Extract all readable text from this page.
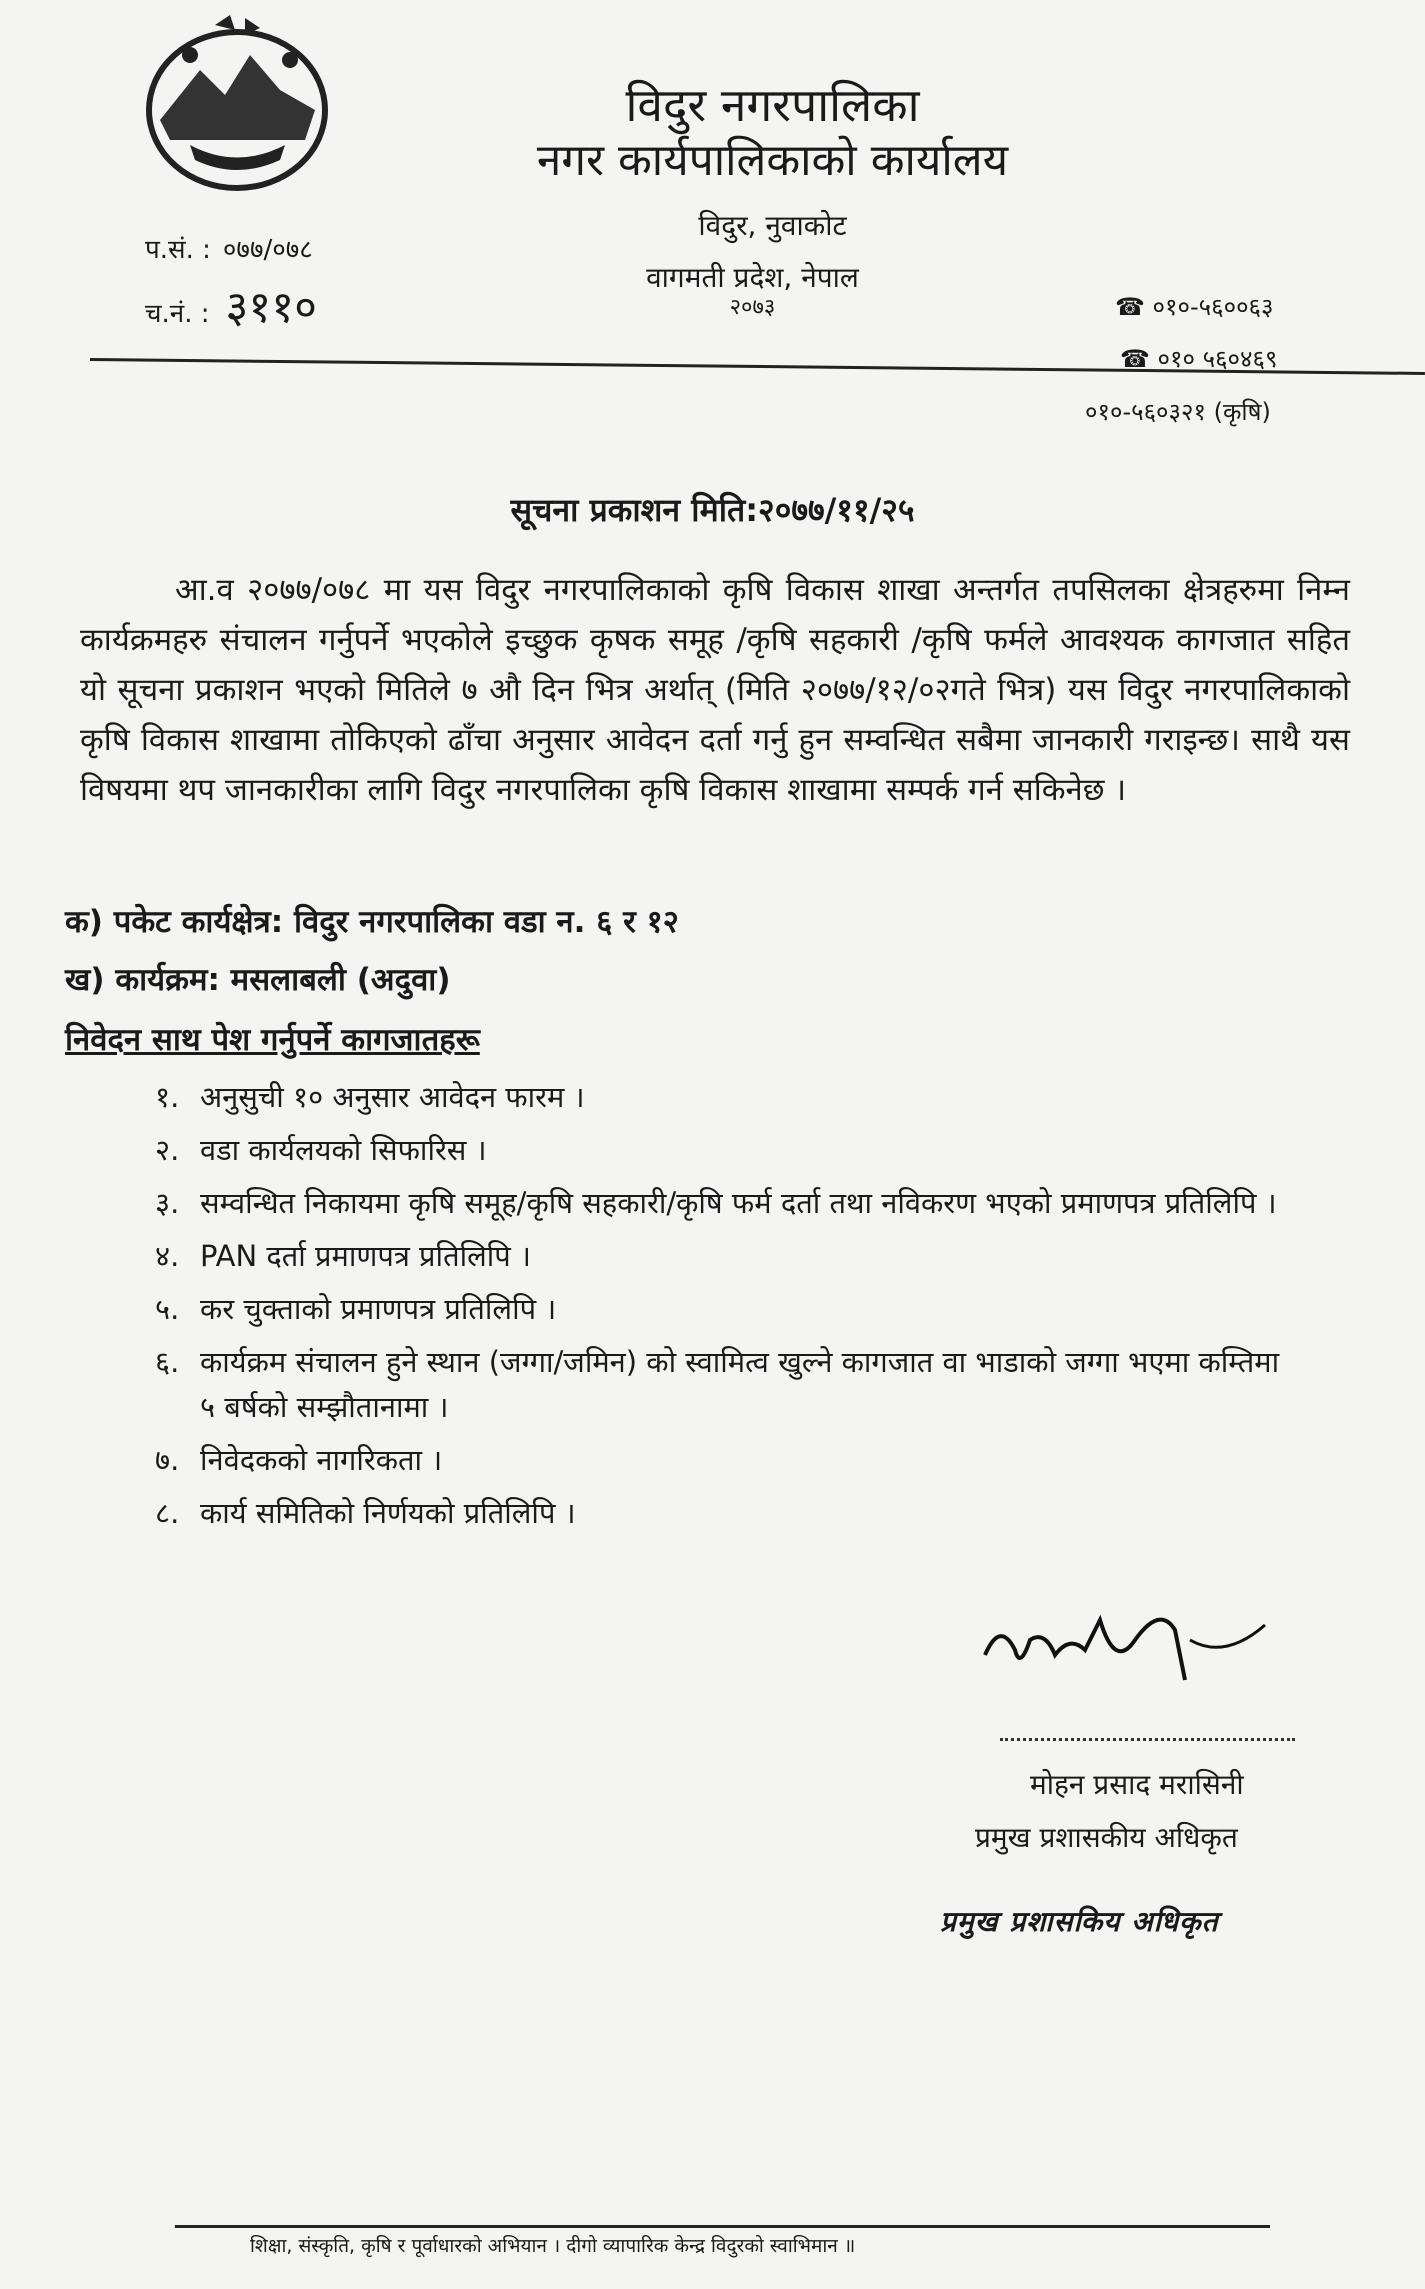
विदुर नगरपालिका
नगर कार्यपालिकाको कार्यालय
विदुर, नुवाकोट
वागमती प्रदेश, नेपाल
२०७३
प.सं. : ०७७/०७८
च.नं. : ३११०	☎ ०१०-५६००६३
☎ ०१० ५६०४६९
०१०-५६०३२१ (कृषि)
सूचना प्रकाशन मिति:२०७७/११/२५
आ.व २०७७/०७८ मा यस विदुर नगरपालिकाको कृषि विकास शाखा अन्तर्गत तपसिलका क्षेत्रहरुमा निम्न कार्यक्रमहरु संचालन गर्नुपर्ने भएकोले इच्छुक कृषक समूह /कृषि सहकारी /कृषि फर्मले आवश्यक कागजात सहित यो सूचना प्रकाशन भएको मितिले ७ औ दिन भित्र अर्थात् (मिति २०७७/१२/०२गते भित्र) यस विदुर नगरपालिकाको कृषि विकास शाखामा तोकिएको ढाँचा अनुसार आवेदन दर्ता गर्नु हुन सम्वन्धित सबैमा जानकारी गराइन्छ। साथै यस विषयमा थप जानकारीका लागि विदुर नगरपालिका कृषि विकास शाखामा सम्पर्क गर्न सकिनेछ ।
क) पकेट कार्यक्षेत्र: विदुर नगरपालिका वडा न. ६ र १२
ख) कार्यक्रम: मसलाबली (अदुवा)
निवेदन साथ पेश गर्नुपर्ने कागजातहरू
१. अनुसुची १० अनुसार आवेदन फारम ।
२. वडा कार्यलयको सिफारिस ।
३. सम्वन्धित निकायमा कृषि समूह/कृषि सहकारी/कृषि फर्म दर्ता तथा नविकरण भएको प्रमाणपत्र प्रतिलिपि ।
४. PAN दर्ता प्रमाणपत्र प्रतिलिपि ।
५. कर चुक्ताको प्रमाणपत्र प्रतिलिपि ।
६. कार्यक्रम संचालन हुने स्थान (जग्गा/जमिन) को स्वामित्व खुल्ने कागजात वा भाडाको जग्गा भएमा कम्तिमा ५ बर्षको सम्झौतानामा ।
७. निवेदकको नागरिकता ।
८. कार्य समितिको निर्णयको प्रतिलिपि ।
मोहन प्रसाद मरासिनी
प्रमुख प्रशासकीय अधिकृत
प्रमुख प्रशासकिय अधिकृत
शिक्षा, संस्कृति, कृषि र पूर्वाधारको अभियान । दीगो व्यापारिक केन्द्र विदुरको स्वाभिमान ॥
